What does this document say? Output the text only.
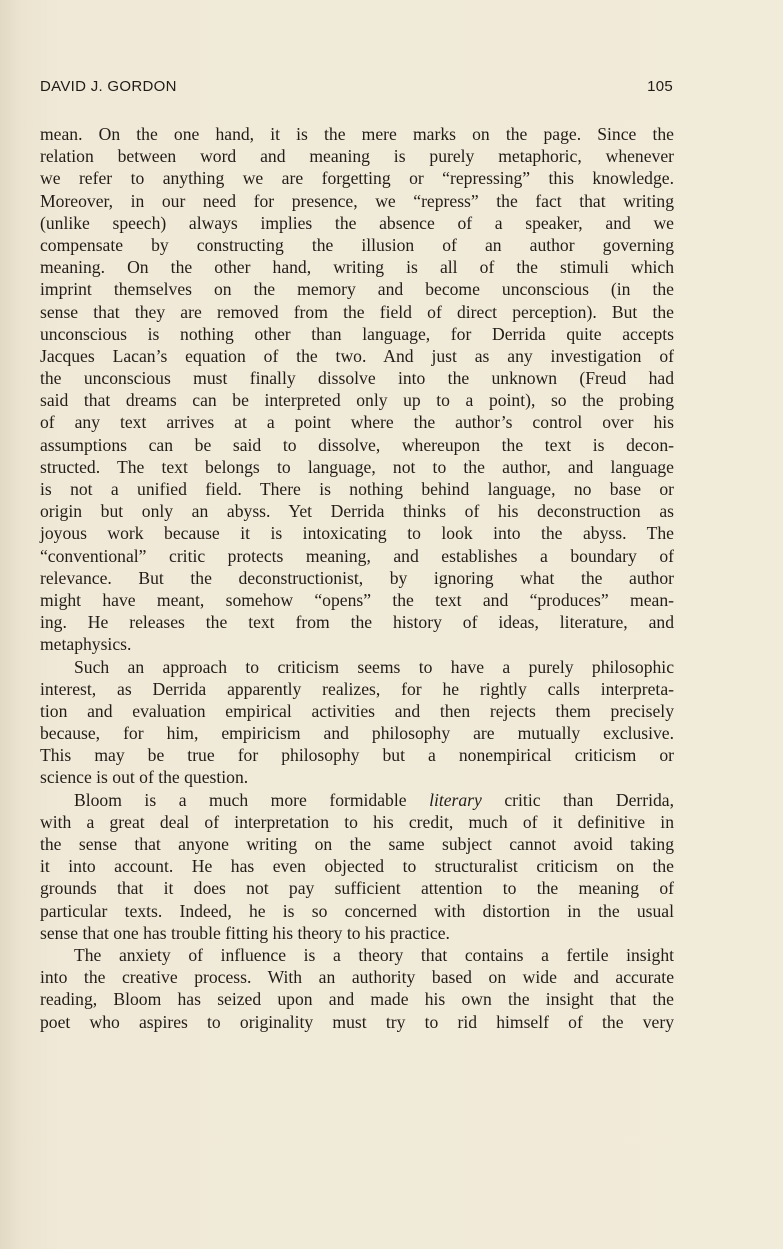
DAVID J. GORDON	105
mean. On the one hand, it is the mere marks on the page. Since the
relation between word and meaning is purely metaphoric, whenever
we refer to anything we are forgetting or “repressing” this knowledge.
Moreover, in our need for presence, we “repress” the fact that writing
(unlike speech) always implies the absence of a speaker, and we
compensate by constructing the illusion of an author governing
meaning. On the other hand, writing is all of the stimuli which
imprint themselves on the memory and become unconscious (in the
sense that they are removed from the field of direct perception). But the
unconscious is nothing other than language, for Derrida quite accepts
Jacques Lacan’s equation of the two. And just as any investigation of
the unconscious must finally dissolve into the unknown (Freud had
said that dreams can be interpreted only up to a point), so the probing
of any text arrives at a point where the author’s control over his
assumptions can be said to dissolve, whereupon the text is decon-
structed. The text belongs to language, not to the author, and language
is not a unified field. There is nothing behind language, no base or
origin but only an abyss. Yet Derrida thinks of his deconstruction as
joyous work because it is intoxicating to look into the abyss. The
“conventional” critic protects meaning, and establishes a boundary of
relevance. But the deconstructionist, by ignoring what the author
might have meant, somehow “opens” the text and “produces” mean-
ing. He releases the text from the history of ideas, literature, and
metaphysics.
Such an approach to criticism seems to have a purely philosophic
interest, as Derrida apparently realizes, for he rightly calls interpreta-
tion and evaluation empirical activities and then rejects them precisely
because, for him, empiricism and philosophy are mutually exclusive.
This may be true for philosophy but a nonempirical criticism or
science is out of the question.
Bloom is a much more formidable literary critic than Derrida,
with a great deal of interpretation to his credit, much of it definitive in
the sense that anyone writing on the same subject cannot avoid taking
it into account. He has even objected to structuralist criticism on the
grounds that it does not pay sufficient attention to the meaning of
particular texts. Indeed, he is so concerned with distortion in the usual
sense that one has trouble fitting his theory to his practice.
The anxiety of influence is a theory that contains a fertile insight
into the creative process. With an authority based on wide and accurate
reading, Bloom has seized upon and made his own the insight that the
poet who aspires to originality must try to rid himself of the very
